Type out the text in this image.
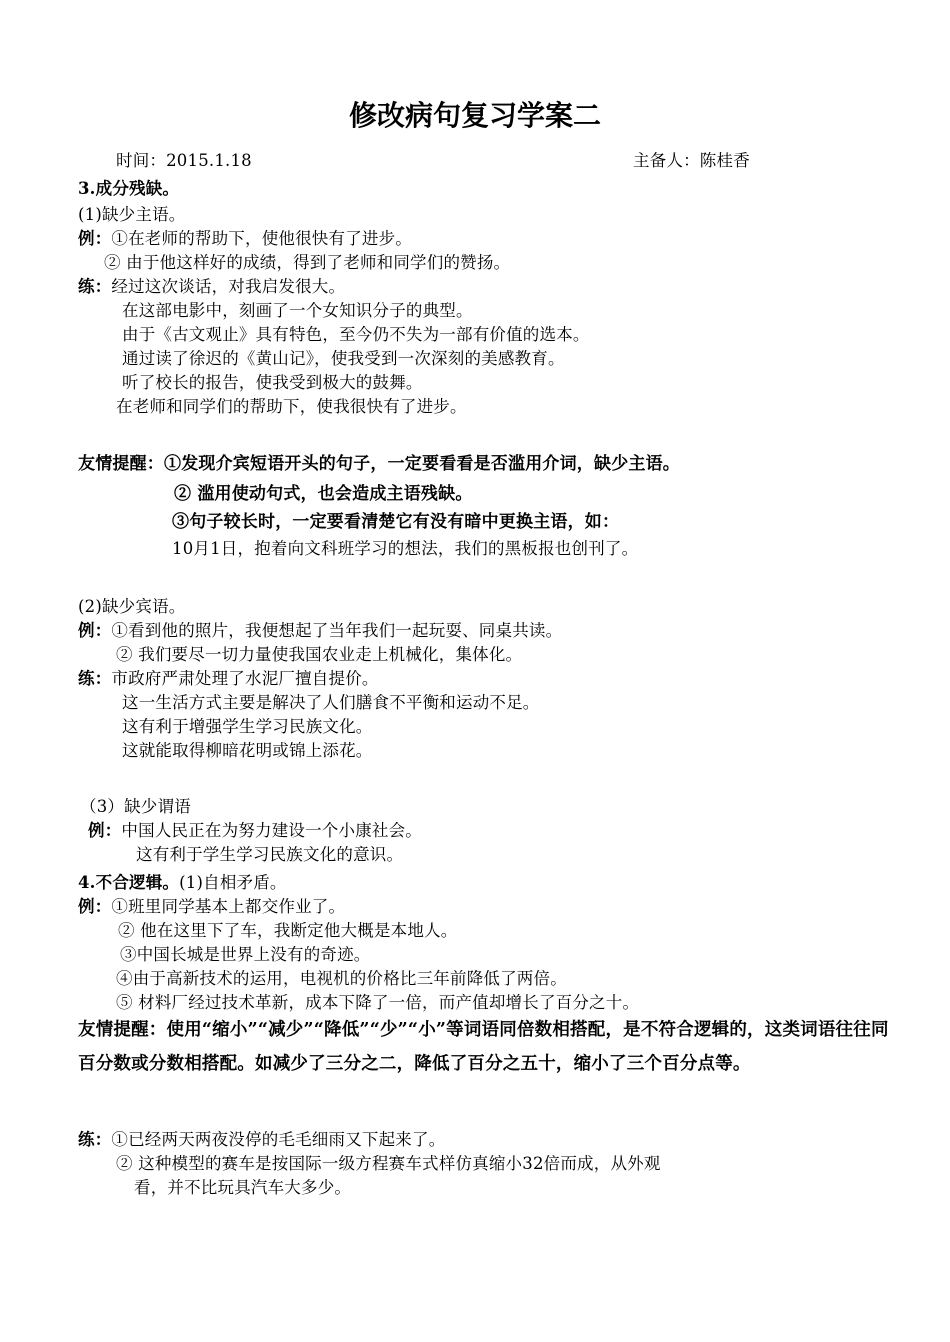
修改病句复习学案二
时间：2015.1.18	主备人：陈桂香
3.成分残缺。
(1)缺少主语。
例：①在老师的帮助下，使他很快有了进步。
② 由于他这样好的成绩，得到了老师和同学们的赞扬。
练：经过这次谈话，对我启发很大。
在这部电影中，刻画了一个女知识分子的典型。
由于《古文观止》具有特色，至今仍不失为一部有价值的选本。
通过读了徐迟的《黄山记》，使我受到一次深刻的美感教育。
听了校长的报告，使我受到极大的鼓舞。
在老师和同学们的帮助下，使我很快有了进步。
友情提醒：①发现介宾短语开头的句子，一定要看看是否滥用介词，缺少主语。
② 滥用使动句式，也会造成主语残缺。
③句子较长时，一定要看清楚它有没有暗中更换主语，如：
10月1日，抱着向文科班学习的想法，我们的黑板报也创刊了。
(2)缺少宾语。
例：①看到他的照片，我便想起了当年我们一起玩耍、同桌共读。
② 我们要尽一切力量使我国农业走上机械化，集体化。
练：市政府严肃处理了水泥厂擅自提价。
这一生活方式主要是解决了人们膳食不平衡和运动不足。
这有利于增强学生学习民族文化。
这就能取得柳暗花明或锦上添花。
（3）缺少谓语
例：中国人民正在为努力建设一个小康社会。
这有利于学生学习民族文化的意识。
4.不合逻辑。(1)自相矛盾。
例：①班里同学基本上都交作业了。
② 他在这里下了车，我断定他大概是本地人。
③中国长城是世界上没有的奇迹。
④由于高新技术的运用，电视机的价格比三年前降低了两倍。
⑤ 材料厂经过技术革新，成本下降了一倍，而产值却增长了百分之十。
友情提醒：使用“缩小”“减少”“降低”“少”“小”等词语同倍数相搭配，是不符合逻辑的，这类词语往往同百分数或分数相搭配。如减少了三分之二，降低了百分之五十，缩小了三个百分点等。
练：①已经两天两夜没停的毛毛细雨又下起来了。
② 这种模型的赛车是按国际一级方程赛车式样仿真缩小32倍而成，从外观
看，并不比玩具汽车大多少。
